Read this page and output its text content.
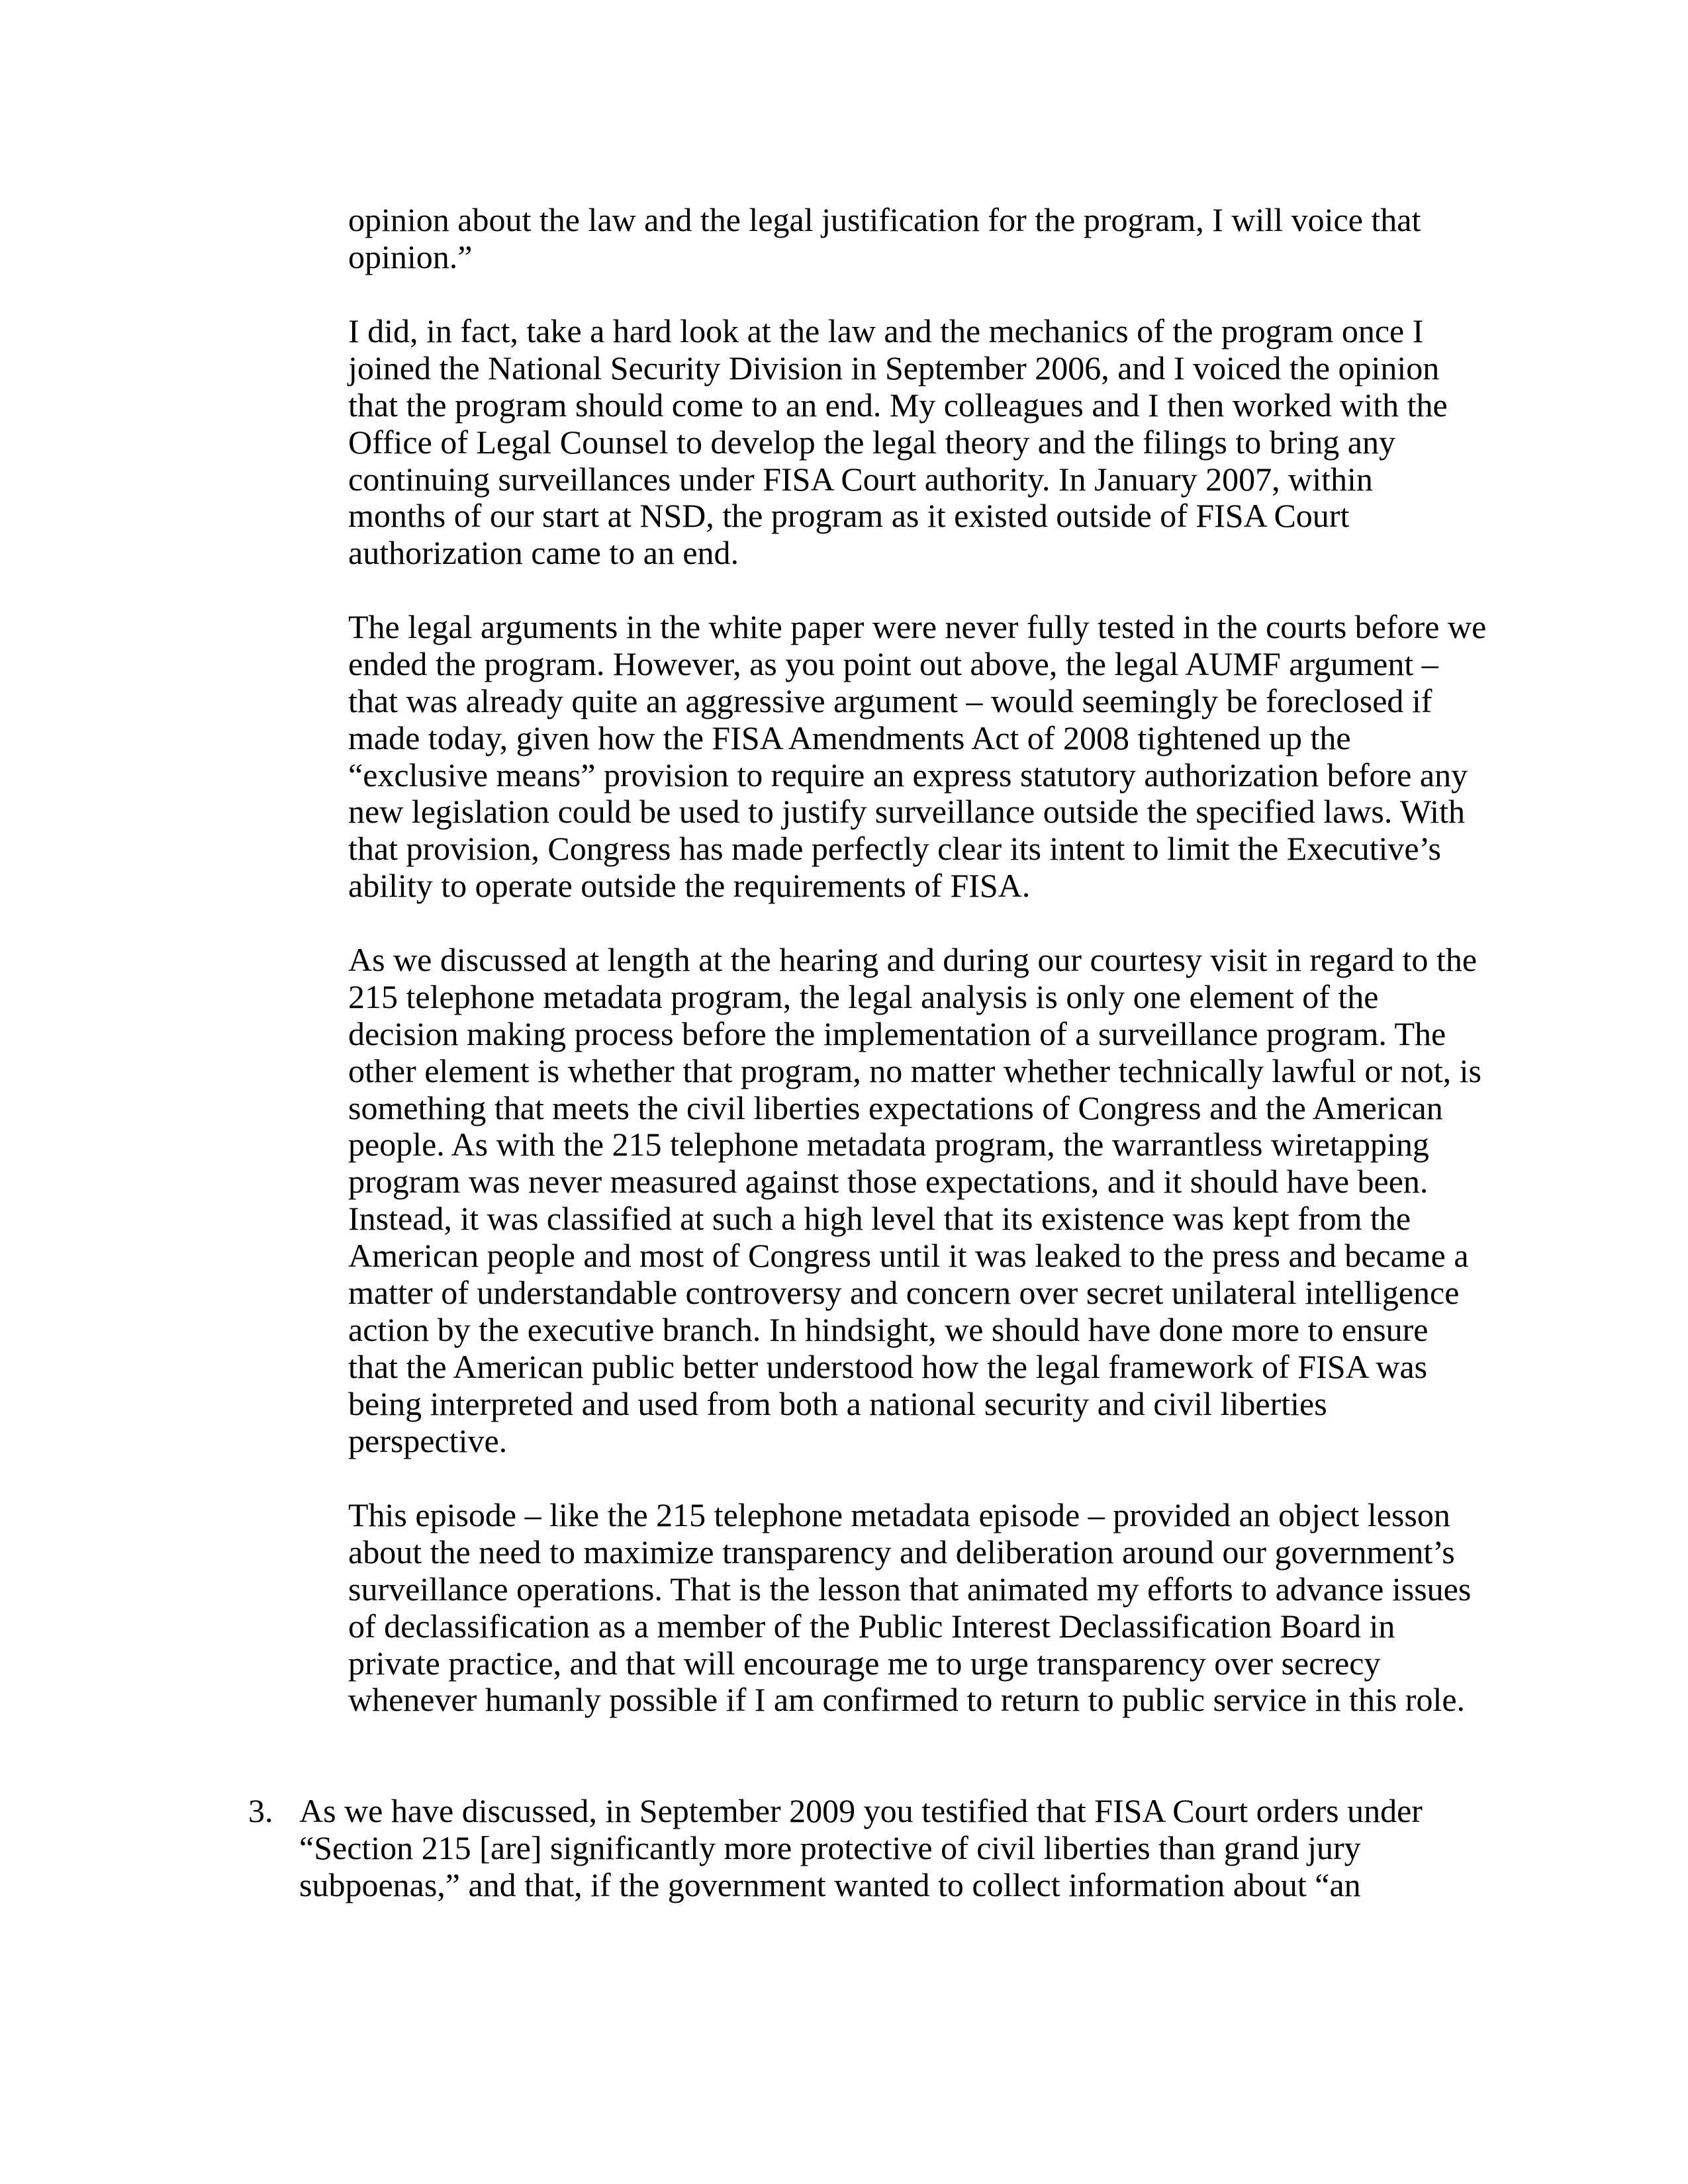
opinion about the law and the legal justification for the program, I will voice that
opinion.”
I did, in fact, take a hard look at the law and the mechanics of the program once I
joined the National Security Division in September 2006, and I voiced the opinion
that the program should come to an end. My colleagues and I then worked with the
Office of Legal Counsel to develop the legal theory and the filings to bring any
continuing surveillances under FISA Court authority. In January 2007, within
months of our start at NSD, the program as it existed outside of FISA Court
authorization came to an end.
The legal arguments in the white paper were never fully tested in the courts before we
ended the program. However, as you point out above, the legal AUMF argument –
that was already quite an aggressive argument – would seemingly be foreclosed if
made today, given how the FISA Amendments Act of 2008 tightened up the
“exclusive means” provision to require an express statutory authorization before any
new legislation could be used to justify surveillance outside the specified laws. With
that provision, Congress has made perfectly clear its intent to limit the Executive’s
ability to operate outside the requirements of FISA.
As we discussed at length at the hearing and during our courtesy visit in regard to the
215 telephone metadata program, the legal analysis is only one element of the
decision making process before the implementation of a surveillance program. The
other element is whether that program, no matter whether technically lawful or not, is
something that meets the civil liberties expectations of Congress and the American
people. As with the 215 telephone metadata program, the warrantless wiretapping
program was never measured against those expectations, and it should have been.
Instead, it was classified at such a high level that its existence was kept from the
American people and most of Congress until it was leaked to the press and became a
matter of understandable controversy and concern over secret unilateral intelligence
action by the executive branch. In hindsight, we should have done more to ensure
that the American public better understood how the legal framework of FISA was
being interpreted and used from both a national security and civil liberties
perspective.
This episode – like the 215 telephone metadata episode – provided an object lesson
about the need to maximize transparency and deliberation around our government’s
surveillance operations. That is the lesson that animated my efforts to advance issues
of declassification as a member of the Public Interest Declassification Board in
private practice, and that will encourage me to urge transparency over secrecy
whenever humanly possible if I am confirmed to return to public service in this role.
3. As we have discussed, in September 2009 you testified that FISA Court orders under
“Section 215 [are] significantly more protective of civil liberties than grand jury
subpoenas,” and that, if the government wanted to collect information about “an
